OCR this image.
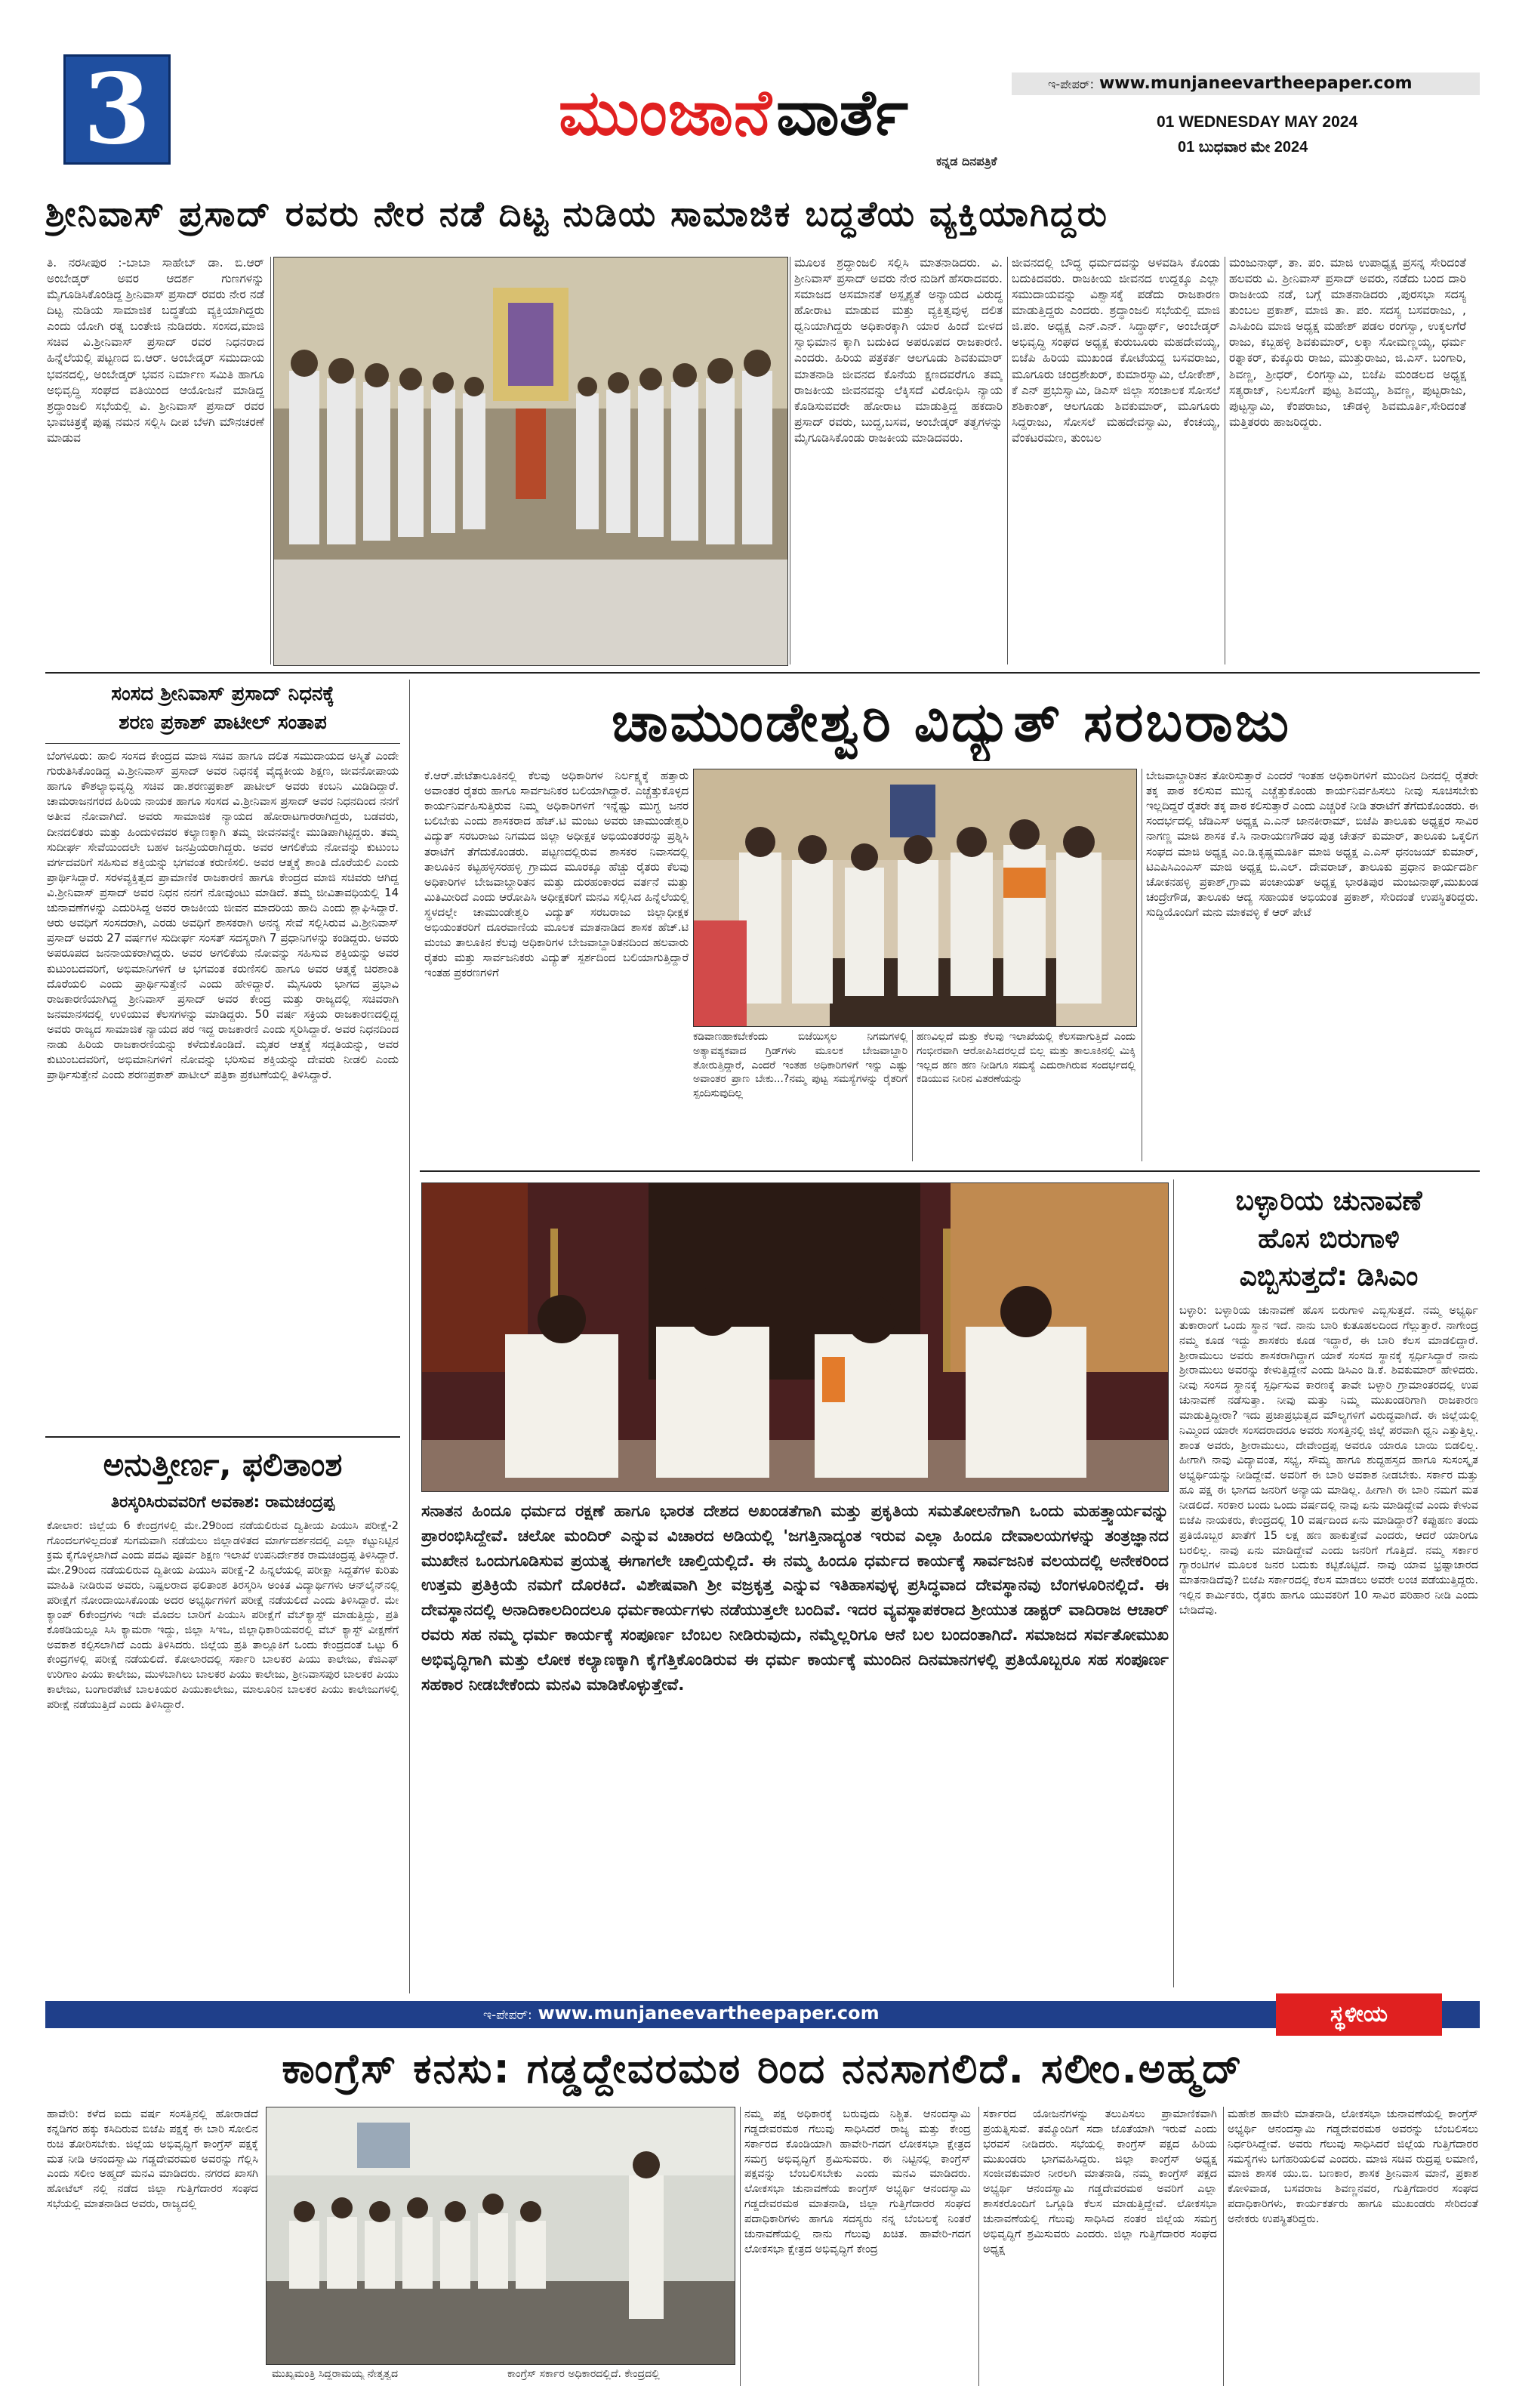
3	ಮುಂಜಾನೆ ವಾರ್ತೆ
ಕನ್ನಡ ದಿನಪತ್ರಿಕೆ
ಇ-ಪೇಪರ್: www.munjaneevartheepaper.com
01 WEDNESDAY MAY 2024
01 ಬುಧವಾರ ಮೇ 2024
ಶ್ರೀನಿವಾಸ್ ಪ್ರಸಾದ್ ರವರು ನೇರ ನಡೆ ದಿಟ್ಟ ನುಡಿಯ ಸಾಮಾಜಿಕ ಬದ್ಧತೆಯ ವ್ಯಕ್ತಿಯಾಗಿದ್ದರು
ತಿ. ನರಸೀಪುರ :-ಬಾಬಾ ಸಾಹೇಬ್ ಡಾ. ಬಿ.ಆರ್ ಅಂಬೇಡ್ಕರ್ ಅವರ ಆದರ್ಶ ಗುಣಗಳನ್ನು ಮೈಗೂಡಿಸಿಕೊಂಡಿದ್ದ ಶ್ರೀನಿವಾಸ್ ಪ್ರಸಾದ್ ರವರು ನೇರ ನಡೆ ದಿಟ್ಟ ನುಡಿಯ ಸಾಮಾಜಿಕ ಬದ್ಧತೆಯ ವ್ಯಕ್ತಿಯಾಗಿದ್ದರು ಎಂದು ಯೋಗಿ ರತ್ನ ಬಂತೇಜಿ ನುಡಿದರು. ಸಂಸದ,ಮಾಜಿ ಸಚಿವ ವಿ.ಶ್ರೀನಿವಾಸ್ ಪ್ರಸಾದ್ ರವರ ನಿಧನರಾದ ಹಿನ್ನೆಲೆಯಲ್ಲಿ ಪಟ್ಟಣದ ಬಿ.ಆರ್. ಅಂಬೇಡ್ಕರ್ ಸಮುದಾಯ ಭವನದಲ್ಲಿ, ಅಂಬೇಡ್ಕರ್ ಭವನ ನಿರ್ಮಾಣ ಸಮಿತಿ ಹಾಗೂ ಅಭಿವೃದ್ಧಿ ಸಂಘದ ವತಿಯಿಂದ ಆಯೋಜನೆ ಮಾಡಿದ್ದ ಶ್ರದ್ಧಾಂಜಲಿ ಸಭೆಯಲ್ಲಿ ವಿ. ಶ್ರೀನಿವಾಸ್ ಪ್ರಸಾದ್ ರವರ ಭಾವಚಿತ್ರಕ್ಕೆ ಪುಷ್ಪ ನಮನ ಸಲ್ಲಿಸಿ ದೀಪ ಬೆಳಗಿ ಮೌನಚರಣೆ ಮಾಡುವ
ಮೂಲಕ ಶ್ರದ್ಧಾಂಜಲಿ ಸಲ್ಲಿಸಿ ಮಾತನಾಡಿದರು. ವಿ. ಶ್ರೀನಿವಾಸ್ ಪ್ರಸಾದ್ ಅವರು ನೇರ ನುಡಿಗೆ ಹೆಸರಾದವರು. ಸಮಾಜದ ಅಸಮಾನತೆ ಅಸ್ಪೃಶ್ಯತೆ ಅನ್ಯಾಯದ ವಿರುದ್ಧ ಹೋರಾಟ ಮಾಡುವ ಮತ್ತು ವ್ಯಕ್ತಿತ್ವವುಳ್ಳ ದಲಿತ ಧ್ವನಿಯಾಗಿದ್ದರು ಅಧಿಕಾರಕ್ಕಾಗಿ ಯಾರ ಹಿಂದೆ ಬೀಳದ ಸ್ವಾಭಿಮಾನ ಕ್ಕಾಗಿ ಬದುಕಿದ ಅಪರೂಪದ ರಾಜಕಾರಣಿ. ಎಂದರು. ಹಿರಿಯ ಪತ್ರಕರ್ತ ಆಲಗೂಡು ಶಿವಕುಮಾರ್ ಮಾತನಾಡಿ ಜೀವನದ ಕೊನೆಯ ಕ್ಷಣದವರೆಗೂ ತಮ್ಮ ರಾಜಕೀಯ ಜೀವನವನ್ನು ಲೆಕ್ಕಿಸದೆ ವಿರೋಧಿಸಿ ನ್ಯಾಯ ಕೊಡಿಸುವವರೇ ಹೋರಾಟ ಮಾಡುತ್ತಿದ್ದ ಹಕದಾರಿ ಪ್ರಸಾದ್ ರವರು, ಬುದ್ಧ,ಬಸವ, ಅಂಬೇಡ್ಕರ್ ತತ್ವಗಳನ್ನು ಮೈಗೂಡಿಸಿಕೊಂಡು ರಾಜಕೀಯ ಮಾಡಿದವರು.
ಜೀವನದಲ್ಲಿ ಬೌದ್ಧ ಧರ್ಮದವನ್ನು ಅಳವಡಿಸಿ ಕೊಂಡು ಬದುಕಿದವರು. ರಾಜಕೀಯ ಜೀವನದ ಉದ್ದಕ್ಕೂ ಎಲ್ಲಾ ಸಮುದಾಯವನ್ನು ವಿಶ್ವಾಸಕ್ಕೆ ಪಡೆದು ರಾಜಕಾರಣ ಮಾಡುತ್ತಿದ್ದರು ಎಂದರು. ಶ್ರದ್ಧಾಂಜಲಿ ಸಭೆಯಲ್ಲಿ ಮಾಜಿ ಜಿ.ಪಂ. ಅಧ್ಯಕ್ಷ ಎನ್.ಎನ್. ಸಿದ್ಧಾರ್ಥ್, ಅಂಬೇಡ್ಕರ್ ಅಭಿವೃದ್ಧಿ ಸಂಘದ ಅಧ್ಯಕ್ಷ ಕುರುಬೂರು ಮಹದೇವಯ್ಯ, ಬಿಜೆಪಿ ಹಿರಿಯ ಮುಖಂಡ ಕೋಟೆಯದ್ದ ಬಸವರಾಜು, ಮೂಗೂರು ಚಂದ್ರಶೇಖರ್, ಕುಮಾರಸ್ವಾಮಿ, ಲೋಕೇಶ್, ಕೆ ಎನ್ ಪ್ರಭುಸ್ವಾಮಿ, ಡಿಎಸ್ ಜಿಲ್ಲಾ ಸಂಚಾಲಕ ಸೋಸಲೆ ಶಶಿಕಾಂತ್, ಆಲಗೂಡು ಶಿವಕುಮಾರ್, ಮೂಗೂರು ಸಿದ್ದರಾಜು, ಸೋಸಲೆ ಮಹದೇವಸ್ವಾಮಿ, ಕೆಂಚಯ್ಯ, ವೆಂಕಟರಮಣ, ತುಂಬಲ
ಮಂಜುನಾಥ್, ತಾ. ಪಂ. ಮಾಜಿ ಉಪಾಧ್ಯಕ್ಷ ಪ್ರಸನ್ನ ಸೇರಿದಂತೆ ಹಲವರು ವಿ. ಶ್ರೀನಿವಾಸ್ ಪ್ರಸಾದ್ ಅವರು, ನಡೆದು ಬಂದ ದಾರಿ ರಾಜಕೀಯ ನಡೆ, ಬಗ್ಗೆ ಮಾತನಾಡಿದರು ,ಪುರಸಭಾ ಸದಸ್ಯ ತುಂಬಲ ಪ್ರಕಾಶ್, ಮಾಜಿ ತಾ. ಪಂ. ಸದಸ್ಯ ಬಸವರಾಜು, , ಎಸಿಪಿಂದಿ ಮಾಜಿ ಅಧ್ಯಕ್ಷ ಮಹೇಶ್ ಪಡಲ ರಂಗಸ್ವಾ, ಉಕ್ಕಲಗೆರೆ ರಾಜು, ಕಬ್ಬಹಳ್ಳಿ ಶಿವಕುಮಾರ್, ಲಕ್ಕಾ ಸೋಮಣ್ಣಯ್ಯ, ಧರ್ಮ ರತ್ನಾಕರ್, ಕುಕ್ಕೂರು ರಾಜು, ಮುತ್ತುರಾಜು, ಜಿ.ಎಸ್. ಬಂಗಾರಿ, ಶಿವಣ್ಣ, ಶ್ರೀಧರ್, ಲಿಂಗಸ್ವಾಮಿ, ಬಿಜೆಪಿ ಮಂಡಲದ ಅಧ್ಯಕ್ಷ ಸತ್ಯರಾಜ್, ನಿಲಸೋಗೆ ಪುಟ್ಟ ಶಿವಯ್ಯ, ಶಿವಣ್ಣ, ಪುಟ್ಟರಾಜು, ಪುಟ್ಟಸ್ವಾಮಿ, ಕೆಂಪರಾಜು, ಚೌಡಳ್ಳಿ ಶಿವಮೂರ್ತಿ,ಸೇರಿದಂತೆ ಮತ್ತಿತರರು ಹಾಜರಿದ್ದರು.
ಸಂಸದ ಶ್ರೀನಿವಾಸ್ ಪ್ರಸಾದ್ ನಿಧನಕ್ಕೆ
ಶರಣ ಪ್ರಕಾಶ್ ಪಾಟೀಲ್ ಸಂತಾಪ
ಬೆಂಗಳೂರು: ಹಾಲಿ ಸಂಸದ ಕೇಂದ್ರದ ಮಾಜಿ ಸಚಿವ ಹಾಗೂ ದಲಿತ ಸಮುದಾಯದ ಅಸ್ಮಿತೆ ಎಂದೇ ಗುರುತಿಸಿಕೊಂಡಿದ್ದ ವಿ.ಶ್ರೀನಿವಾಸ್ ಪ್ರಸಾದ್ ಅವರ ನಿಧನಕ್ಕೆ ವೈದ್ಯಕೀಯ ಶಿಕ್ಷಣ, ಜೀವನೋಪಾಯ ಹಾಗೂ ಕೌಶಲ್ಯಾಭಿವೃದ್ಧಿ ಸಚಿವ ಡಾ.ಶರಣಪ್ರಕಾಶ್ ಪಾಟೀಲ್ ಅವರು ಕಂಬನಿ ಮಿಡಿದಿದ್ದಾರೆ. ಚಾಮರಾಜನಗರದ ಹಿರಿಯ ನಾಯಕ ಹಾಗೂ ಸಂಸದ ವಿ.ಶ್ರೀನಿವಾಸ ಪ್ರಸಾದ್ ಅವರ ನಿಧನದಿಂದ ನನಗೆ ಅತೀವ ನೋವಾಗಿದೆ. ಅವರು ಸಾಮಾಜಿಕ ನ್ಯಾಯದ ಹೋರಾಟಗಾರರಾಗಿದ್ದರು, ಬಡವರು, ದೀನದಲಿತರು ಮತ್ತು ಹಿಂದುಳಿದವರ ಕಲ್ಯಾಣಕ್ಕಾಗಿ ತಮ್ಮ ಜೀವನವನ್ನೇ ಮುಡಿಪಾಗಿಟ್ಟಿದ್ದರು. ತಮ್ಮ ಸುದೀರ್ಘ ಸೇವೆಯಿಂದಲೇ ಬಹಳ ಜನಪ್ರಿಯರಾಗಿದ್ದರು. ಅವರ ಆಗಲಿಕೆಯ ನೋವನ್ನು ಕುಟುಂಬ ವರ್ಗದವರಿಗೆ ಸಹಿಸುವ ಶಕ್ತಿಯನ್ನು ಭಗವಂತ ಕರುಣಿಸಲಿ. ಅವರ ಆತ್ಮಕ್ಕೆ ಶಾಂತಿ ದೊರೆಯಲಿ ಎಂದು ಪ್ರಾರ್ಥಿಸಿದ್ದಾರೆ. ಸರಳವ್ಯಕ್ತಿತ್ವದ ಪ್ರಾಮಾಣಿಕ ರಾಜಕಾರಣಿ ಹಾಗೂ ಕೇಂದ್ರದ ಮಾಜಿ ಸಚಿವರು ಆಗಿದ್ದ ವಿ.ಶ್ರೀನಿವಾಸ್ ಪ್ರಸಾದ್ ಅವರ ನಿಧನ ನನಗೆ ನೋವುಂಟು ಮಾಡಿದೆ. ತಮ್ಮ ಜೀವಿತಾವಧಿಯಲ್ಲಿ 14 ಚುನಾವಣೆಗಳನ್ನು ಎದುರಿಸಿದ್ದ ಅವರ ರಾಜಕೀಯ ಜೀವನ ಮಾದರಿಯ ಹಾದಿ ಎಂದು ಶ್ಲಾಘಿಸಿದ್ದಾರೆ. ಆರು ಅವಧಿಗೆ ಸಂಸದರಾಗಿ, ಎರಡು ಅವಧಿಗೆ ಶಾಸಕರಾಗಿ ಅನನ್ಯ ಸೇವೆ ಸಲ್ಲಿಸಿರುವ ವಿ.ಶ್ರೀನಿವಾಸ್ ಪ್ರಸಾದ್ ಅವರು 27 ವರ್ಷಗಳ ಸುದೀರ್ಘ ಸಂಸತ್ ಸದಸ್ಯರಾಗಿ 7 ಪ್ರಧಾನಿಗಳನ್ನು ಕಂಡಿದ್ದರು. ಅವರು ಅಪರೂಪದ ಜನನಾಯಕರಾಗಿದ್ದರು. ಅವರ ಅಗಲಿಕೆಯ ನೋವನ್ನು ಸಹಿಸುವ ಶಕ್ತಿಯನ್ನು ಅವರ ಕುಟುಂಬದವರಿಗೆ, ಅಭಿಮಾನಿಗಳಿಗೆ ಆ ಭಗವಂತ ಕರುಣಿಸಲಿ ಹಾಗೂ ಅವರ ಆತ್ಮಕ್ಕೆ ಚಿರಶಾಂತಿ ದೊರೆಯಲಿ ಎಂದು ಪ್ರಾರ್ಥಿಸುತ್ತೇನೆ ಎಂದು ಹೇಳಿದ್ದಾರೆ. ಮೈಸೂರು ಭಾಗದ ಪ್ರಭಾವಿ ರಾಜಕಾರಣಿಯಾಗಿದ್ದ ಶ್ರೀನಿವಾಸ್ ಪ್ರಸಾದ್ ಅವರ ಕೇಂದ್ರ ಮತ್ತು ರಾಜ್ಯದಲ್ಲಿ ಸಚಿವರಾಗಿ ಜನಮಾನಸದಲ್ಲಿ ಉಳಿಯುವ ಕೆಲಸಗಳನ್ನು ಮಾಡಿದ್ದರು. 50 ವರ್ಷ ಸಕ್ರಿಯ ರಾಜಕಾರಣದಲ್ಲಿದ್ದ ಅವರು ರಾಜ್ಯದ ಸಾಮಾಜಿಕ ನ್ಯಾಯದ ಪರ ಇದ್ದ ರಾಜಕಾರಣಿ ಎಂದು ಸ್ಮರಿಸಿದ್ದಾರೆ. ಅವರ ನಿಧನದಿಂದ ನಾಡು ಹಿರಿಯ ರಾಜಕಾರಣಿಯನ್ನು ಕಳೆದುಕೊಂಡಿದೆ. ಮೃತರ ಆತ್ಮಕ್ಕೆ ಸದ್ಗತಿಯನ್ನು, ಅವರ ಕುಟುಂಬದವರಿಗೆ, ಅಭಿಮಾನಿಗಳಿಗೆ ನೋವನ್ನು ಭರಿಸುವ ಶಕ್ತಿಯನ್ನು ದೇವರು ನೀಡಲಿ ಎಂದು ಪ್ರಾರ್ಥಿಸುತ್ತೇನೆ ಎಂದು ಶರಣಪ್ರಕಾಶ್ ಪಾಟೀಲ್ ಪತ್ರಿಕಾ ಪ್ರಕಟಣೆಯಲ್ಲಿ ತಿಳಿಸಿದ್ದಾರೆ.
ಅನುತ್ತೀರ್ಣ, ಫಲಿತಾಂಶ
ತಿರಸ್ಕರಿಸಿರುವವರಿಗೆ ಅವಕಾಶ: ರಾಮಚಂದ್ರಪ್ಪ
ಕೋಲಾರ: ಜಿಲ್ಲೆಯ 6 ಕೇಂದ್ರಗಳಲ್ಲಿ ಮೇ.29ರಿಂದ ನಡೆಯಲಿರುವ ದ್ವಿತೀಯ ಪಿಯುಸಿ ಪರೀಕ್ಷೆ-2 ಗೊಂದಲಗಳಿಲ್ಲದಂತೆ ಸುಗಮವಾಗಿ ನಡೆಯಲು ಜಿಲ್ಲಾಡಳಿತದ ಮಾರ್ಗದರ್ಶನದಲ್ಲಿ ಎಲ್ಲಾ ಕಟ್ಟುನಿಟ್ಟಿನ ಕ್ರಮ ಕೈಗೊಳ್ಳಲಾಗಿದೆ ಎಂದು ಪದವಿ ಪೂರ್ವ ಶಿಕ್ಷಣ ಇಲಾಖೆ ಉಪನಿರ್ದೇಶಕ ರಾಮಚಂದ್ರಪ್ಪ ತಿಳಿಸಿದ್ದಾರೆ. ಮೇ.29ರಿಂದ ನಡೆಯಲಿರುವ ದ್ವಿತೀಯ ಪಿಯುಸಿ ಪರೀಕ್ಷೆ-2 ಹಿನ್ನಲೆಯಲ್ಲಿ ಪರೀಕ್ಷಾ ಸಿದ್ದತೆಗಳ ಕುರಿತು ಮಾಹಿತಿ ನೀಡಿರುವ ಅವರು, ನಿಷ್ಪಲರಾದ ಫಲಿತಾಂಶ ತಿರಸ್ಕರಿಸಿ ಅಂಕಿತ ವಿದ್ಯಾರ್ಥಿಗಳು ಆನ್‌ಲೈನ್‌ನಲ್ಲಿ ಪರೀಕ್ಷೆಗೆ ನೋಂದಾಯಿಸಿಕೊಂಡು ಅದರ ಅಭ್ಯರ್ಥಿಗಳಿಗೆ ಪರೀಕ್ಷೆ ನಡೆಯಲಿದೆ ಎಂದು ತಿಳಿಸಿದ್ದಾರೆ. ಮೇ ಕ್ಯಾಂಪ್ 6ಕೇಂದ್ರಗಳು ಇದೇ ಮೊದಲ ಬಾರಿಗೆ ಪಿಯುಸಿ ಪರೀಕ್ಷೆಗೆ ವೆಬ್‌ಕ್ಯಾಸ್ಟ್ ಮಾಡುತ್ತಿದ್ದು, ಪ್ರತಿ ಕೊಠಡಿಯಲ್ಲೂ ಸಿಸಿ ಕ್ಯಾಮರಾ ಇದ್ದು, ಜಿಲ್ಲಾ ಸಿಇಒ, ಜಿಲ್ಲಾಧಿಕಾರಿಯವರಲ್ಲಿ ವೆಬ್ ಕ್ಯಾಸ್ಟ್ ವೀಕ್ಷಣೆಗೆ ಅವಕಾಶ ಕಲ್ಪಿಸಲಾಗಿದೆ ಎಂದು ತಿಳಿಸಿದರು. ಜಿಲ್ಲೆಯ ಪ್ರತಿ ತಾಲ್ಲೂಕಿಗೆ ಒಂದು ಕೇಂದ್ರದಂತೆ ಒಟ್ಟು 6 ಕೇಂದ್ರಗಳಲ್ಲಿ ಪರೀಕ್ಷೆ ನಡೆಯಲಿದೆ. ಕೋಲಾರದಲ್ಲಿ ಸರ್ಕಾರಿ ಬಾಲಕರ ಪಿಯು ಕಾಲೇಜು, ಕೆಜಿಎಫ್ ಉರಿಗಾಂ ಪಿಯು ಕಾಲೇಜು, ಮುಳಬಾಗಿಲು ಬಾಲಕರ ಪಿಯು ಕಾಲೇಜು, ಶ್ರೀನಿವಾಸಪುರ ಬಾಲಕರ ಪಿಯು ಕಾಲೇಜು, ಬಂಗಾರಪೇಟೆ ಬಾಲಕಿಯರ ಪಿಯುಕಾಲೇಜು, ಮಾಲೂರಿನ ಬಾಲಕರ ಪಿಯು ಕಾಲೇಜುಗಳಲ್ಲಿ ಪರೀಕ್ಷೆ ನಡೆಯುತ್ತಿದೆ ಎಂದು ತಿಳಿಸಿದ್ದಾರೆ.
ಚಾಮುಂಡೇಶ್ವರಿ ವಿದ್ಯುತ್ ಸರಬರಾಜು
ಕೆ.ಆರ್.ಪೇಟೆತಾಲೂಕಿನಲ್ಲಿ ಕೆಲವು ಅಧಿಕಾರಿಗಳ ನಿರ್ಲಕ್ಷ್ಯಕ್ಕೆ ಹತ್ತಾರು ಅವಾಂತರ ರೈತರು ಹಾಗೂ ಸಾರ್ವಜನಿಕರ ಬಲಿಯಾಗಿದ್ದಾರೆ. ಎಚ್ಚೆತ್ತುಕೊಳ್ಳದ ಕಾರ್ಯನಿರ್ವಹಿಸುತ್ತಿರುವ ನಿಮ್ಮ ಅಧಿಕಾರಿಗಳಿಗೆ ಇನ್ನೆಷ್ಟು ಮುಗ್ಧ ಜನರ ಬಲಿಬೇಕು ಎಂದು ಶಾಸಕರಾದ ಹೆಚ್.ಟಿ ಮಂಜು ಅವರು ಚಾಮುಂಡೇಶ್ವರಿ ವಿದ್ಯುತ್ ಸರಬರಾಜು ನಿಗಮದ ಜಿಲ್ಲಾ ಅಧೀಕ್ಷಕ ಅಭಿಯಂತರರನ್ನು ಪ್ರಶ್ನಿಸಿ ತರಾಟೆಗೆ ತೆಗೆದುಕೊಂಡರು. ಪಟ್ಟಣದಲ್ಲಿರುವ ಶಾಸಕರ ನಿವಾಸದಲ್ಲಿ ತಾಲೂಕಿನ ಕಟ್ಟಹಳ್ಳಿಸರಹಳ್ಳಿ ಗ್ರಾಮದ ಮೂರಕ್ಕೂ ಹೆಚ್ಚು ರೈತರು ಕೆಲವು ಅಧಿಕಾರಿಗಳ ಬೇಜವಾಬ್ದಾರಿತನ ಮತ್ತು ದುರಹಂಕಾರದ ವರ್ತನೆ ಮತ್ತು ಮಿತಿಮೀರಿದೆ ಎಂದು ಆರೋಪಿಸಿ ಅಧೀಕ್ಷಕರಿಗೆ ಮನವಿ ಸಲ್ಲಿಸಿದ ಹಿನ್ನೆಲೆಯಲ್ಲಿ ಸ್ಥಳದಲ್ಲೇ ಚಾಮುಂಡೇಶ್ವರಿ ವಿದ್ಯುತ್ ಸರಬರಾಜು ಜಿಲ್ಲಾಧೀಕ್ಷಕ ಅಭಿಯಂತರರಿಗೆ ದೂರವಾಣಿಯ ಮೂಲಕ ಮಾತನಾಡಿದ ಶಾಸಕ ಹೆಚ್.ಟಿ ಮಂಜು ತಾಲೂಕಿನ ಕೆಲವು ಅಧಿಕಾರಿಗಳ ಬೇಜವಾಬ್ದಾರಿತನದಿಂದ ಹಲವಾರು ರೈತರು ಮತ್ತು ಸಾರ್ವಜನಿಕರು ವಿದ್ಯುತ್ ಸ್ಪರ್ಶದಿಂದ ಬಲಿಯಾಗುತ್ತಿದ್ದಾರೆ ಇಂತಹ ಪ್ರಕರಣಗಳಿಗೆ
ಕಡಿವಾಣಹಾಕಬೇಕೆಂದು ಬಿಜೆಯಿಸ್ಕಲ ನಿಗಮಗಳಲ್ಲಿ ಅತ್ಯಾವಶ್ಯಕವಾದ ಗ್ರಿಡ್‌ಗಳು ಮೂಲಕ ಬೇಜವಾಬ್ದಾರಿ ತೋರುತ್ತಿದ್ದಾರೆ, ಎಂದರೆ ಇಂತಹ ಅಧಿಕಾರಿಗಳಿಗೆ ಇನ್ನು ಎಷ್ಟು ಅವಾಂತರ ಪ್ರಾಣ ಬೇಕು...?ನಮ್ಮ ಪುಟ್ಟ ಸಮಸ್ಯೆಗಳನ್ನು ರೈತರಿಗೆ ಸ್ಪಂದಿಸುವುದಿಲ್ಲ
ಹಣವಿಲ್ಲದೆ ಮತ್ತು ಕೆಲವು ಇಲಾಖೆಯಲ್ಲಿ ಕೆಲಸವಾಗುತ್ತಿದೆ ಎಂದು ಗಂಭೀರವಾಗಿ ಆರೋಪಿಸಿದರಲ್ಲದೆ ಬಿಲ್ಲ ಮತ್ತು ತಾಲೂಕಿನಲ್ಲಿ ಮಿಕ್ಕಿ ಇಲ್ಲದ ಹಣ ಹಣ ನೀಡಿಗೂ ಸಮಸ್ಯೆ ಎದುರಾಗಿರುವ ಸಂದರ್ಭದಲ್ಲಿ ಕಡಿಯುವ ನೀರಿನ ವಿತರಣೆಯನ್ನು
ಬೇಜವಾಬ್ದಾರಿತನ ತೋರಿಸುತ್ತಾರೆ ಎಂದರೆ ಇಂತಹ ಅಧಿಕಾರಿಗಳಿಗೆ ಮುಂದಿನ ದಿನದಲ್ಲಿ ರೈತರೇ ತಕ್ಕ ಪಾಠ ಕಲಿಸುವ ಮುನ್ನ ಎಚ್ಚೆತ್ತುಕೊಂಡು ಕಾರ್ಯನಿರ್ವಹಿಸಲು ನೀವು ಸೂಚಿಸಬೇಕು ಇಲ್ಲದಿದ್ದರೆ ರೈತರೇ ತಕ್ಕ ಪಾಠ ಕಲಿಸುತ್ತಾರೆ ಎಂದು ಎಚ್ಚರಿಕೆ ನೀಡಿ ತರಾಟೆಗೆ ತೆಗೆದುಕೊಂಡರು. ಈ ಸಂದರ್ಭದಲ್ಲಿ ಜೆಡಿಎಸ್ ಅಧ್ಯಕ್ಷ ಎ.ಎನ್ ಜಾನಕೀರಾಮ್, ಬಿಜೆಪಿ ತಾಲೂಕು ಅಧ್ಯಕ್ಷರ ಸಾವಿರ ನಾಗಣ್ಣ ಮಾಜಿ ಶಾಸಕ ಕೆ.ಸಿ ನಾರಾಯಣಗೌಡರ ಪುತ್ರ ಚೇತನ್ ಕುಮಾರ್, ತಾಲೂಕು ಒಕ್ಕಲಿಗ ಸಂಘದ ಮಾಜಿ ಅಧ್ಯಕ್ಷ ಎಂ.ಡಿ.ಕೃಷ್ಣಮೂರ್ತಿ ಮಾಜಿ ಅಧ್ಯಕ್ಷ ಎ.ಎಸ್ ಧನಂಜಯ್ ಕುಮಾರ್, ಟಿಎಪಿಸಿಎಂಎಸ್ ಮಾಜಿ ಅಧ್ಯಕ್ಷ ಬಿ.ಎಲ್. ದೇವರಾಜ್, ತಾಲೂಕು ಪ್ರಧಾನ ಕಾರ್ಯದರ್ಶಿ ಚೋಕನಹಳ್ಳಿ ಪ್ರಕಾಶ್,ಗ್ರಾಮ ಪಂಚಾಯತ್ ಅಧ್ಯಕ್ಷ ಭಾರತಿಪುರ ಮಂಜುನಾಥ್,ಮುಖಂಡ ಚಂದ್ರೇಗೌಡ, ತಾಲೂಕು ಆದ್ಯ ಸಹಾಯಕ ಅಭಿಯಂತ ಪ್ರಕಾಶ್, ಸೇರಿದಂತೆ ಉಪಸ್ಥಿತರಿದ್ದರು. ಸುದ್ದಿಯೊಂದಿಗೆ ಮನು ಮಾಕವಳ್ಳಿ ಕೆ ಆರ್ ಪೇಟೆ
ಸನಾತನ ಹಿಂದೂ ಧರ್ಮದ ರಕ್ಷಣೆ ಹಾಗೂ ಭಾರತ ದೇಶದ ಅಖಂಡತೆಗಾಗಿ ಮತ್ತು ಪ್ರಕೃತಿಯ ಸಮತೋಲನೆಗಾಗಿ ಒಂದು ಮಹತ್ತ್ವಾರ್ಯವನ್ನು ಪ್ರಾರಂಭಿಸಿದ್ದೇವೆ. ಚಲೋ ಮಂದಿರ್ ಎನ್ನುವ ವಿಚಾರದ ಅಡಿಯಲ್ಲಿ 'ಜಗತ್ತಿನಾದ್ಯಂತ ಇರುವ ಎಲ್ಲಾ ಹಿಂದೂ ದೇವಾಲಯಗಳನ್ನು ತಂತ್ರಜ್ಞಾನದ ಮುಖೇನ ಒಂದುಗೂಡಿಸುವ ಪ್ರಯತ್ನ ಈಗಾಗಲೇ ಚಾಲ್ತಿಯಲ್ಲಿದೆ. ಈ ನಮ್ಮ ಹಿಂದೂ ಧರ್ಮದ ಕಾರ್ಯಕ್ಕೆ ಸಾರ್ವಜನಿಕ ವಲಯದಲ್ಲಿ ಅನೇಕರಿಂದ ಉತ್ತಮ ಪ್ರತಿಕ್ರಿಯೆ ನಮಗೆ ದೊರಕಿದೆ. ವಿಶೇಷವಾಗಿ ಶ್ರೀ ವಜ್ರಕೃತ್ತ ಎನ್ನುವ ಇತಿಹಾಸವುಳ್ಳ ಪ್ರಸಿದ್ಧವಾದ ದೇವಸ್ಥಾನವು ಬೆಂಗಳೂರಿನಲ್ಲಿದೆ. ಈ ದೇವಸ್ಥಾನದಲ್ಲಿ ಅನಾದಿಕಾಲದಿಂದಲೂ ಧರ್ಮಕಾರ್ಯಗಳು ನಡೆಯುತ್ತಲೇ ಬಂದಿವೆ. ಇದರ ವ್ಯವಸ್ಥಾಪಕರಾದ ಶ್ರೀಯುತ ಡಾಕ್ಟರ್ ವಾದಿರಾಜ ಆಚಾರ್ ರವರು ಸಹ ನಮ್ಮ ಧರ್ಮ ಕಾರ್ಯಕ್ಕೆ ಸಂಪೂರ್ಣ ಬೆಂಬಲ ನೀಡಿರುವುದು, ನಮ್ಮೆಲ್ಲರಿಗೂ ಆನೆ ಬಲ ಬಂದಂತಾಗಿದೆ. ಸಮಾಜದ ಸರ್ವತೋಮುಖ ಅಭಿವೃದ್ಧಿಗಾಗಿ ಮತ್ತು ಲೋಕ ಕಲ್ಯಾಣಕ್ಕಾಗಿ ಕೈಗೆತ್ತಿಕೊಂಡಿರುವ ಈ ಧರ್ಮ ಕಾರ್ಯಕ್ಕೆ ಮುಂದಿನ ದಿನಮಾನಗಳಲ್ಲಿ ಪ್ರತಿಯೊಬ್ಬರೂ ಸಹ ಸಂಪೂರ್ಣ ಸಹಕಾರ ನೀಡಬೇಕೆಂದು ಮನವಿ ಮಾಡಿಕೊಳ್ಳುತ್ತೇವೆ.
ಬಳ್ಳಾರಿಯ ಚುನಾವಣೆ
ಹೊಸ ಬಿರುಗಾಳಿ
ಎಬ್ಬಿಸುತ್ತದೆ: ಡಿಸಿಎಂ
ಬಳ್ಳಾರಿ: ಬಳ್ಳಾರಿಯ ಚುನಾವಣೆ ಹೊಸ ಬಿರುಗಾಳಿ ಎಬ್ಬಿಸುತ್ತದೆ. ನಮ್ಮ ಅಭ್ಯರ್ಥಿ ತುಕಾರಾಂಗೆ ಒಂದು ಸ್ಥಾನ ಇದೆ. ನಾನು ಬಾರಿ ಕುತೂಹಲದಿಂದ ಗೆಲ್ಲುತ್ತಾರೆ. ನಾಗೇಂದ್ರ ನಮ್ಮ ಕೂಡ ಇದ್ದು ಶಾಸಕರು ಕೂಡ ಇದ್ದಾರೆ, ಈ ಬಾರಿ ಕೆಲಸ ಮಾಡಲಿದ್ದಾರೆ. ಶ್ರೀರಾಮುಲು ಅವರು ಶಾಸಕರಾಗಿದ್ದಾಗ ಯಾಕೆ ಸಂಸದ ಸ್ಥಾನಕ್ಕೆ ಸ್ಪರ್ಧಿಸಿದ್ದಾರೆ ನಾನು ಶ್ರೀರಾಮುಲು ಅವರನ್ನು ಕೇಳುತ್ತಿದ್ದೇನೆ ಎಂದು ಡಿಸಿಎಂ ಡಿ.ಕೆ. ಶಿವಕುಮಾರ್ ಹೇಳಿದರು. ನೀವು ಸಂಸದ ಸ್ಥಾನಕ್ಕೆ ಸ್ಪರ್ಧಿಸುವ ಕಾರಣಕ್ಕೆ ತಾವೇ ಬಳ್ಳಾರಿ ಗ್ರಾಮಾಂತರದಲ್ಲಿ ಉಪ ಚುನಾವಣೆ ನಡೆಸುತ್ತಾ. ನೀವು ಮತ್ತು ನಿಮ್ಮ ಮುಖಂಡರಿಗಾಗಿ ರಾಜಕಾರಣ ಮಾಡುತ್ತಿದ್ದೀರಾ? ಇದು ಪ್ರಜಾಪ್ರಭುತ್ವದ ಮೌಲ್ಯಗಳಿಗೆ ವಿರುದ್ಧವಾಗಿದೆ. ಈ ಜಿಲ್ಲೆಯಲ್ಲಿ ನಿಮ್ಮಿಂದ ಯಾರೇ ಸಂಸದರಾದರೂ ಅವರು ಸಂಸತ್ತಿನಲ್ಲಿ ಜಿಲ್ಲೆ ಪರವಾಗಿ ಧ್ವನಿ ಎತ್ತುತ್ತಿಲ್ಲ. ಶಾಂತ ಅವರು, ಶ್ರೀರಾಮುಲು, ದೇವೇಂದ್ರಪ್ಪ ಅವರೂ ಯಾರೂ ಬಾಯಿ ಬಿಡಲಿಲ್ಲ. ಹೀಗಾಗಿ ನಾವು ವಿದ್ಯಾವಂತ, ಸಭ್ಯ, ಸೌಮ್ಯ ಹಾಗೂ ಶುದ್ಧಹಸ್ತದ ಹಾಗೂ ಸುಸಂಸ್ಕೃತ ಅಭ್ಯರ್ಥಿಯನ್ನು ನೀಡಿದ್ದೇವೆ. ಅವರಿಗೆ ಈ ಬಾರಿ ಅವಕಾಶ ನೀಡಬೇಕು. ಸರ್ಕಾರ ಮತ್ತು ಹೂ ಪಕ್ಷ ಈ ಭಾಗದ ಜನರಿಗೆ ಅನ್ಯಾಯ ಮಾಡಿಲ್ಲ. ಹೀಗಾಗಿ ಈ ಬಾರಿ ನಮಗೆ ಮತ ನೀಡಲಿದೆ. ಸರಕಾರ ಬಂದು ಒಂದು ವರ್ಷದಲ್ಲಿ ನಾವು ಏನು ಮಾಡಿದ್ದೇವೆ ಎಂದು ಕೇಳುವ ಬಿಜೆಪಿ ನಾಯಕರು, ಕೇಂದ್ರದಲ್ಲಿ 10 ವರ್ಷದಿಂದ ಏನು ಮಾಡಿದ್ದಾರೆ? ಕಪ್ಪುಹಣ ತಂದು ಪ್ರತಿಯೊಬ್ಬರ ಖಾತೆಗೆ 15 ಲಕ್ಷ ಹಣ ಹಾಕುತ್ತೇವೆ ಎಂದರು, ಆದರೆ ಯಾರಿಗೂ ಬರಲಿಲ್ಲ. ನಾವು ಏನು ಮಾಡಿದ್ದೇವೆ ಎಂದು ಜನರಿಗೆ ಗೊತ್ತಿದೆ. ನಮ್ಮ ಸರ್ಕಾರ ಗ್ಯಾರಂಟಿಗಳ ಮೂಲಕ ಜನರ ಬದುಕು ಕಟ್ಟಿಕೊಟ್ಟಿದೆ. ನಾವು ಯಾವ ಭ್ರಷ್ಟಾಚಾರದ ಮಾತನಾಡಿದೆವು? ಬಿಜೆಪಿ ಸರ್ಕಾರದಲ್ಲಿ ಕೆಲಸ ಮಾಡಲು ಅವರೇ ಲಂಚ ಪಡೆಯುತ್ತಿದ್ದರು. ಇಲ್ಲಿನ ಕಾರ್ಮಿಕರು, ರೈತರು ಹಾಗೂ ಯುವಕರಿಗೆ 10 ಸಾವಿರ ಪರಿಹಾರ ನೀಡಿ ಎಂದು ಬೇಡಿದೆವು.
ಇ-ಪೇಪರ್: www.munjaneevartheepaper.com	ಸ್ಥಳೀಯ
ಕಾಂಗ್ರೆಸ್ ಕನಸು: ಗಡ್ಡದ್ದೇವರಮಠ ರಿಂದ ನನಸಾಗಲಿದೆ. ಸಲೀಂ.ಅಹ್ಮದ್
ಹಾವೇರಿ: ಕಳೆದ ಐದು ವರ್ಷ ಸಂಸತ್ತಿನಲ್ಲಿ ಹೋರಾಡದೆ ಕನ್ನಡಿಗರ ಹಕ್ಕು ಕಸಿದಿರುವ ಬಿಜೆಪಿ ಪಕ್ಷಕ್ಕೆ ಈ ಬಾರಿ ಸೋಲಿನ ರುಚಿ ತೋರಿಸಬೇಕು. ಜಿಲ್ಲೆಯ ಅಭಿವೃದ್ಧಿಗೆ ಕಾಂಗ್ರೆಸ್ ಪಕ್ಷಕ್ಕೆ ಮತ ನೀಡಿ ಆನಂದಸ್ವಾಮಿ ಗಡ್ಡದೇವರಮಠ ಅವರನ್ನು ಗೆಲ್ಲಿಸಿ ಎಂದು ಸಲೀಂ ಅಹ್ಮದ್ ಮನವಿ ಮಾಡಿದರು. ನಗರದ ಖಾಸಗಿ ಹೋಟೆಲ್ ನಲ್ಲಿ ನಡೆದ ಜಿಲ್ಲಾ ಗುತ್ತಿಗೆದಾರರ ಸಂಘದ ಸಭೆಯಲ್ಲಿ ಮಾತನಾಡಿದ ಅವರು, ರಾಜ್ಯದಲ್ಲಿ
ಮುಖ್ಯಮಂತ್ರಿ ಸಿದ್ದರಾಮಯ್ಯ ನೇತೃತ್ವದ	ಕಾಂಗ್ರೆಸ್ ಸರ್ಕಾರ ಅಧಿಕಾರದಲ್ಲಿದೆ. ಕೇಂದ್ರದಲ್ಲಿ
ನಮ್ಮ ಪಕ್ಷ ಅಧಿಕಾರಕ್ಕೆ ಬರುವುದು ನಿಶ್ಚಿತ. ಆನಂದಸ್ವಾಮಿ ಗಡ್ಡದೇವರಮಠ ಗೆಲುವು ಸಾಧಿಸಿದರೆ ರಾಜ್ಯ ಮತ್ತು ಕೇಂದ್ರ ಸರ್ಕಾರದ ಕೊಂಡಿಯಾಗಿ ಹಾವೇರಿ-ಗದಗ ಲೋಕಸಭಾ ಕ್ಷೇತ್ರದ ಸಮಗ್ರ ಅಭಿವೃದ್ಧಿಗೆ ಶ್ರಮಿಸುವರು. ಈ ನಿಟ್ಟಿನಲ್ಲಿ ಕಾಂಗ್ರೆಸ್ ಪಕ್ಷವನ್ನು ಬೆಂಬಲಿಸಬೇಕು ಎಂದು ಮನವಿ ಮಾಡಿದರು. ಲೋಕಸಭಾ ಚುನಾವಣೆಯ ಕಾಂಗ್ರೆಸ್ ಅಭ್ಯರ್ಥಿ ಆನಂದಸ್ವಾಮಿ ಗಡ್ಡದೇವರಮಠ ಮಾತನಾಡಿ, ಜಿಲ್ಲಾ ಗುತ್ತಿಗೆದಾರರ ಸಂಘದ ಪದಾಧಿಕಾರಿಗಳು ಹಾಗೂ ಸದಸ್ಯರು ನನ್ನ ಬೆಂಬಲಕ್ಕೆ ನಿಂತರೆ ಚುನಾವಣೆಯಲ್ಲಿ ನಾನು ಗೆಲುವು ಖಚಿತ. ಹಾವೇರಿ-ಗದಗ ಲೋಕಸಭಾ ಕ್ಷೇತ್ರದ ಅಭಿವೃದ್ಧಿಗೆ ಕೇಂದ್ರ
ಸರ್ಕಾರದ ಯೋಜನೆಗಳನ್ನು ತಲುಪಿಸಲು ಪ್ರಾಮಾಣಿಕವಾಗಿ ಪ್ರಯತ್ನಿಸುವೆ. ತಮ್ಮೊಂದಿಗೆ ಸದಾ ಜೊತೆಯಾಗಿ ಇರುವೆ ಎಂದು ಭರವಸೆ ನೀಡಿದರು. ಸಭೆಯಲ್ಲಿ ಕಾಂಗ್ರೆಸ್ ಪಕ್ಷದ ಹಿರಿಯ ಮುಖಂಡರು ಭಾಗವಹಿಸಿದ್ದರು. ಜಿಲ್ಲಾ ಕಾಂಗ್ರೆಸ್ ಅಧ್ಯಕ್ಷ ಸಂಜೀವಕುಮಾರ ನೀರಲಗಿ ಮಾತನಾಡಿ, ನಮ್ಮ ಕಾಂಗ್ರೆಸ್ ಪಕ್ಷದ ಅಭ್ಯರ್ಥಿ ಆನಂದಸ್ವಾಮಿ ಗಡ್ಡದೇವರಮಠ ಅವರಿಗೆ ಎಲ್ಲಾ ಶಾಸಕರೊಂದಿಗೆ ಒಗ್ಗೂಡಿ ಕೆಲಸ ಮಾಡುತ್ತಿದ್ದೇವೆ. ಲೋಕಸಭಾ ಚುನಾವಣೆಯಲ್ಲಿ ಗೆಲುವು ಸಾಧಿಸಿದ ನಂತರ ಜಿಲ್ಲೆಯ ಸಮಗ್ರ ಅಭಿವೃದ್ಧಿಗೆ ಶ್ರಮಿಸುವರು ಎಂದರು. ಜಿಲ್ಲಾ ಗುತ್ತಿಗೆದಾರರ ಸಂಘದ ಅಧ್ಯಕ್ಷ
ಮಹೇಶ ಹಾವೇರಿ ಮಾತನಾಡಿ, ಲೋಕಸಭಾ ಚುನಾವಣೆಯಲ್ಲಿ ಕಾಂಗ್ರೆಸ್ ಅಭ್ಯರ್ಥಿ ಆನಂದಸ್ವಾಮಿ ಗಡ್ಡದೇವರಮಠ ಅವರನ್ನು ಬೆಂಬಲಿಸಲು ನಿರ್ಧರಿಸಿದ್ದೇವೆ. ಅವರು ಗೆಲುವು ಸಾಧಿಸಿದರೆ ಜಿಲ್ಲೆಯ ಗುತ್ತಿಗೆದಾರರ ಸಮಸ್ಯೆಗಳು ಬಗೆಹರಿಯಲಿವೆ ಎಂದರು. ಮಾಜಿ ಸಚಿವ ರುದ್ರಪ್ಪ ಲಮಾಣಿ, ಮಾಜಿ ಶಾಸಕ ಯು.ಬಿ. ಬಣಕಾರ, ಶಾಸಕ ಶ್ರೀನಿವಾಸ ಮಾನೆ, ಪ್ರಕಾಶ ಕೋಳಿವಾಡ, ಬಸವರಾಜ ಶಿವಣ್ಣನವರ, ಗುತ್ತಿಗೆದಾರರ ಸಂಘದ ಪದಾಧಿಕಾರಿಗಳು, ಕಾರ್ಯಕರ್ತರು ಹಾಗೂ ಮುಖಂಡರು ಸೇರಿದಂತೆ ಅನೇಕರು ಉಪಸ್ಥಿತರಿದ್ದರು.
